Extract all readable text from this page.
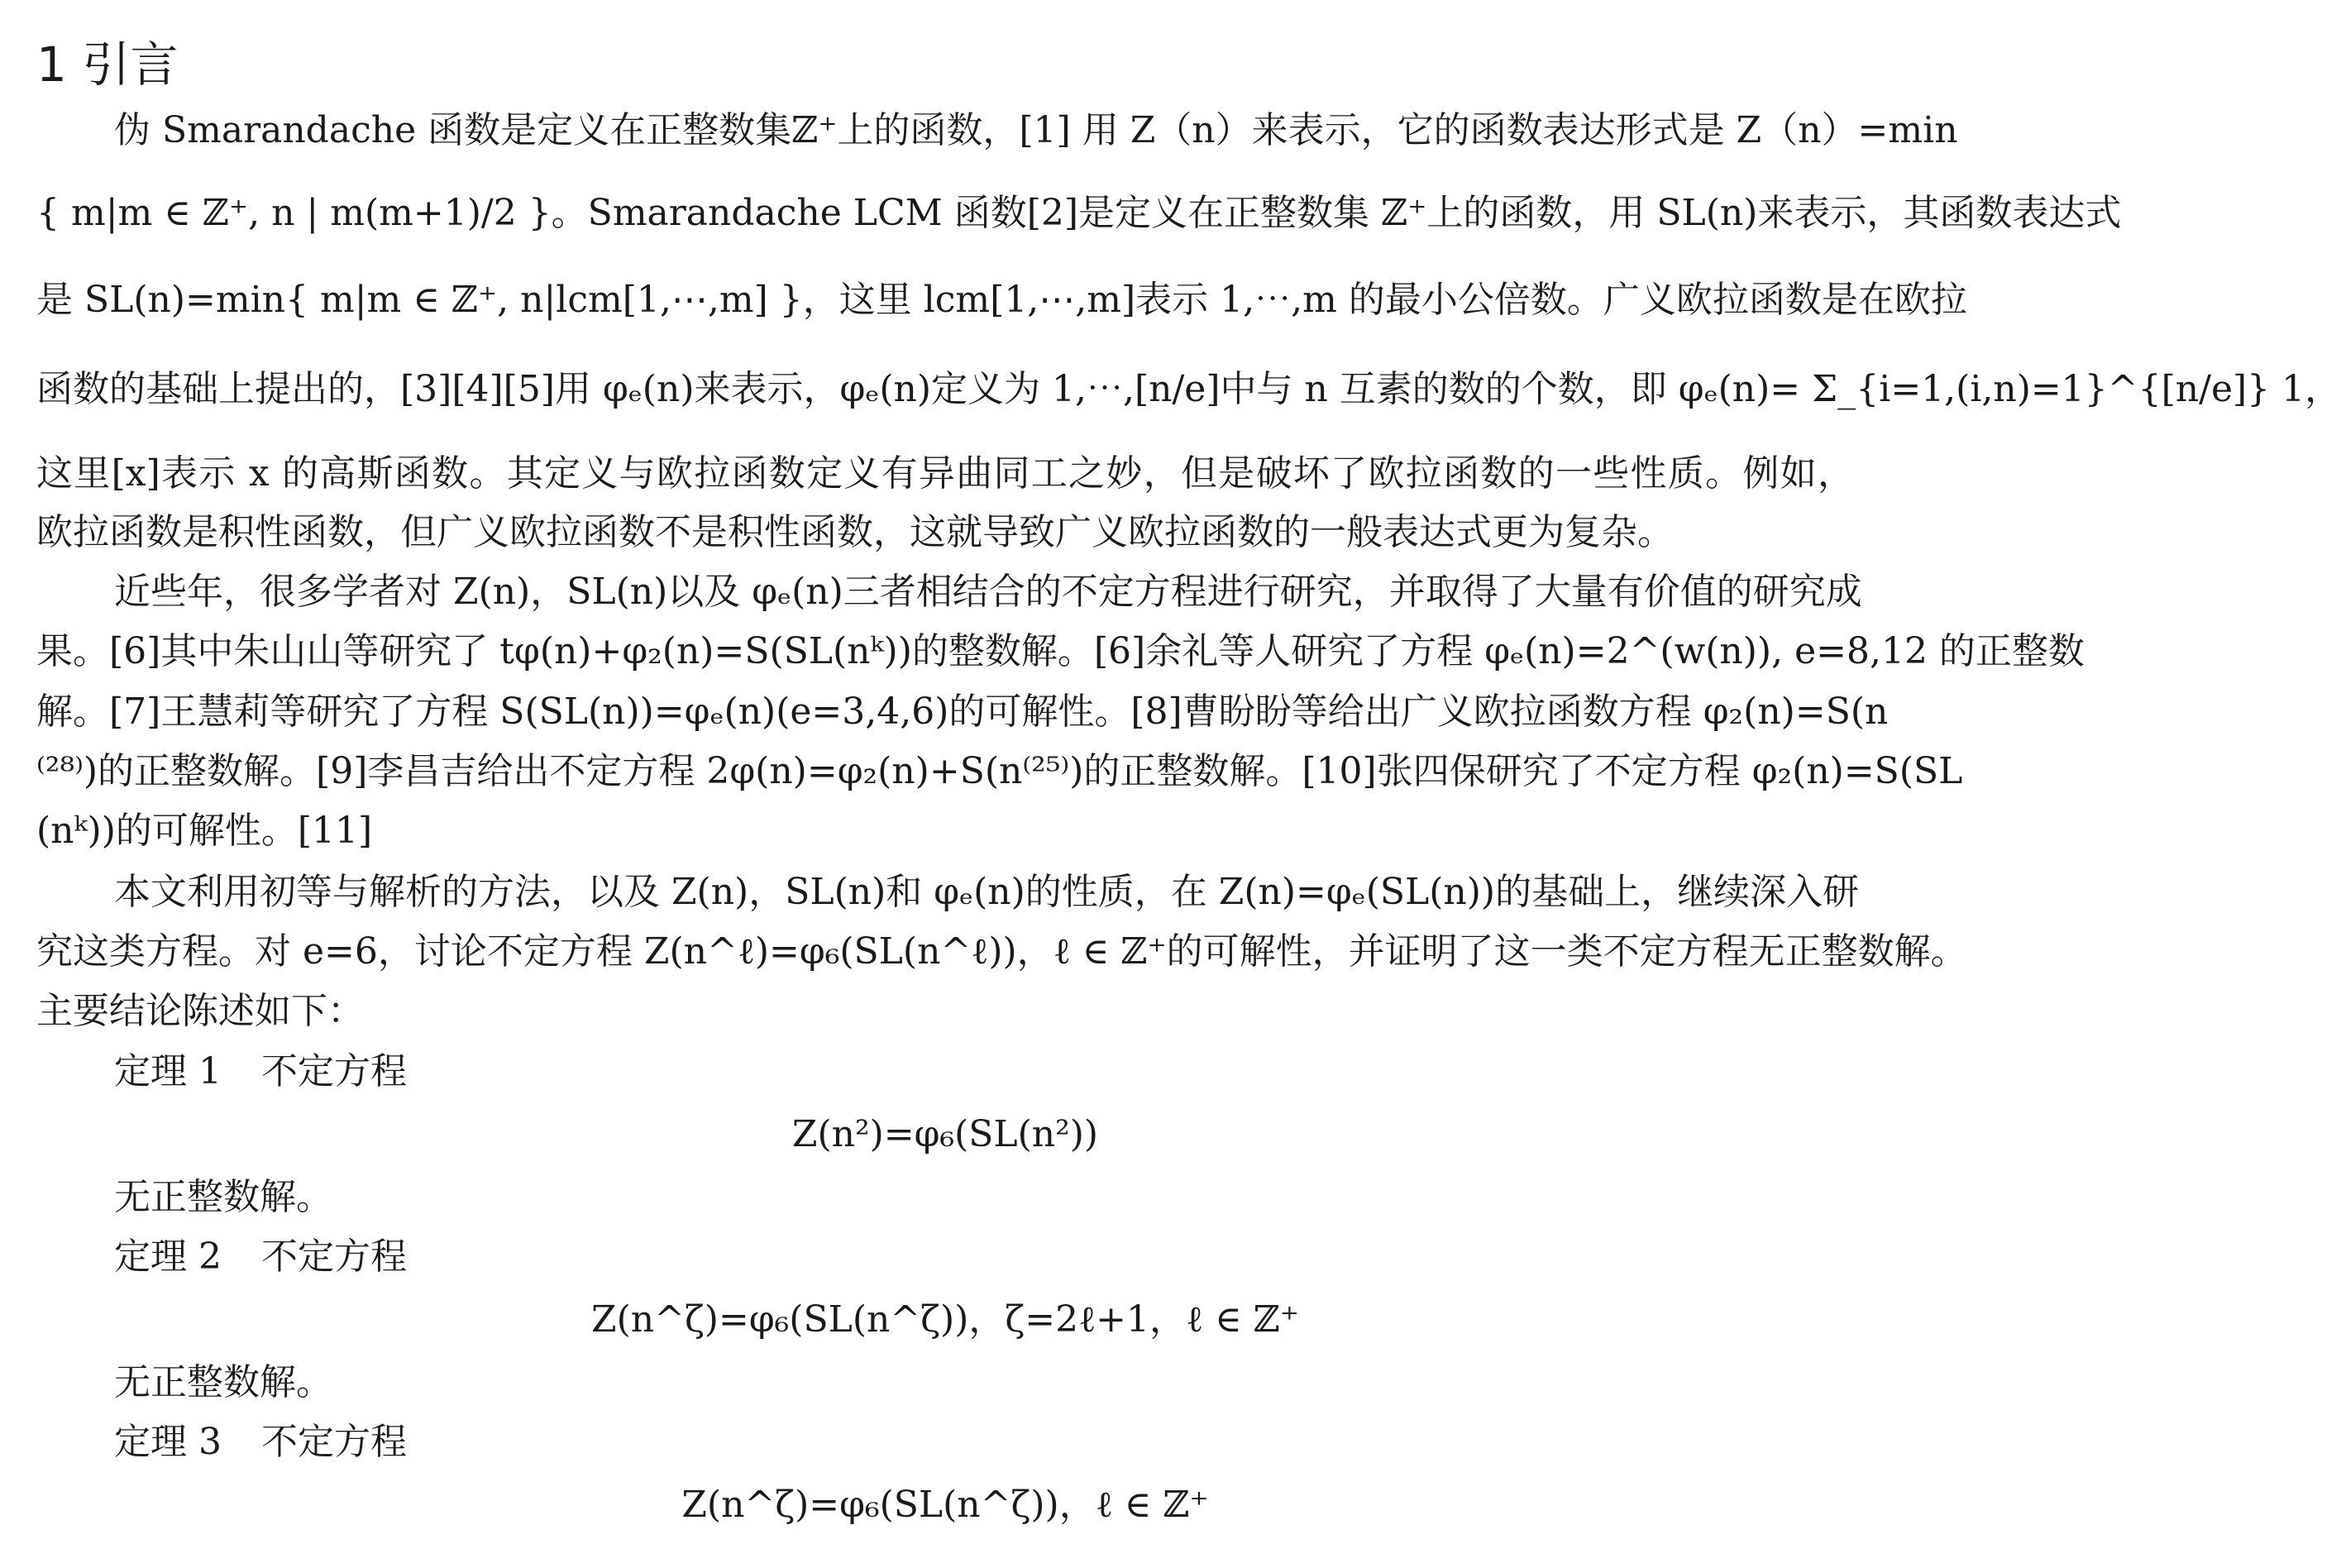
1 引言
伪 Smarandache 函数是定义在正整数集ℤ⁺上的函数，[1] 用 Z（n）来表示，它的函数表达形式是 Z（n）=min
{ m|m ∈ ℤ⁺, n | m(m+1)/2 }。Smarandache LCM 函数[2]是定义在正整数集 ℤ⁺上的函数，用 SL(n)来表示，其函数表达式
是 SL(n)=min{ m|m ∈ ℤ⁺, n|lcm[1,⋯,m] }，这里 lcm[1,⋯,m]表示 1,⋯,m 的最小公倍数。广义欧拉函数是在欧拉
函数的基础上提出的，[3][4][5]用 φₑ(n)来表示，φₑ(n)定义为 1,⋯,[n/e]中与 n 互素的数的个数，即 φₑ(n)= Σ_{i=1,(i,n)=1}^{[n/e]} 1，
这里[x]表示 x 的高斯函数。其定义与欧拉函数定义有异曲同工之妙，但是破坏了欧拉函数的一些性质。例如，
欧拉函数是积性函数，但广义欧拉函数不是积性函数，这就导致广义欧拉函数的一般表达式更为复杂。
近些年，很多学者对 Z(n)，SL(n)以及 φₑ(n)三者相结合的不定方程进行研究，并取得了大量有价值的研究成
果。[6]其中朱山山等研究了 tφ(n)+φ₂(n)=S(SL(nᵏ))的整数解。[6]余礼等人研究了方程 φₑ(n)=2^(w(n)), e=8,12 的正整数
解。[7]王慧莉等研究了方程 S(SL(n))=φₑ(n)(e=3,4,6)的可解性。[8]曹盼盼等给出广义欧拉函数方程 φ₂(n)=S(n
⁽²⁸⁾)的正整数解。[9]李昌吉给出不定方程 2φ(n)=φ₂(n)+S(n⁽²⁵⁾)的正整数解。[10]张四保研究了不定方程 φ₂(n)=S(SL
(nᵏ))的可解性。[11]
本文利用初等与解析的方法，以及 Z(n)，SL(n)和 φₑ(n)的性质，在 Z(n)=φₑ(SL(n))的基础上，继续深入研
究这类方程。对 e=6，讨论不定方程 Z(n^ℓ)=φ₆(SL(n^ℓ))，ℓ ∈ ℤ⁺的可解性，并证明了这一类不定方程无正整数解。
主要结论陈述如下：
定理 1 不定方程
Z(n²)=φ₆(SL(n²))
无正整数解。
定理 2 不定方程
Z(n^ζ)=φ₆(SL(n^ζ))，ζ=2ℓ+1，ℓ ∈ ℤ⁺
无正整数解。
定理 3 不定方程
Z(n^ζ)=φ₆(SL(n^ζ))，ℓ ∈ ℤ⁺
